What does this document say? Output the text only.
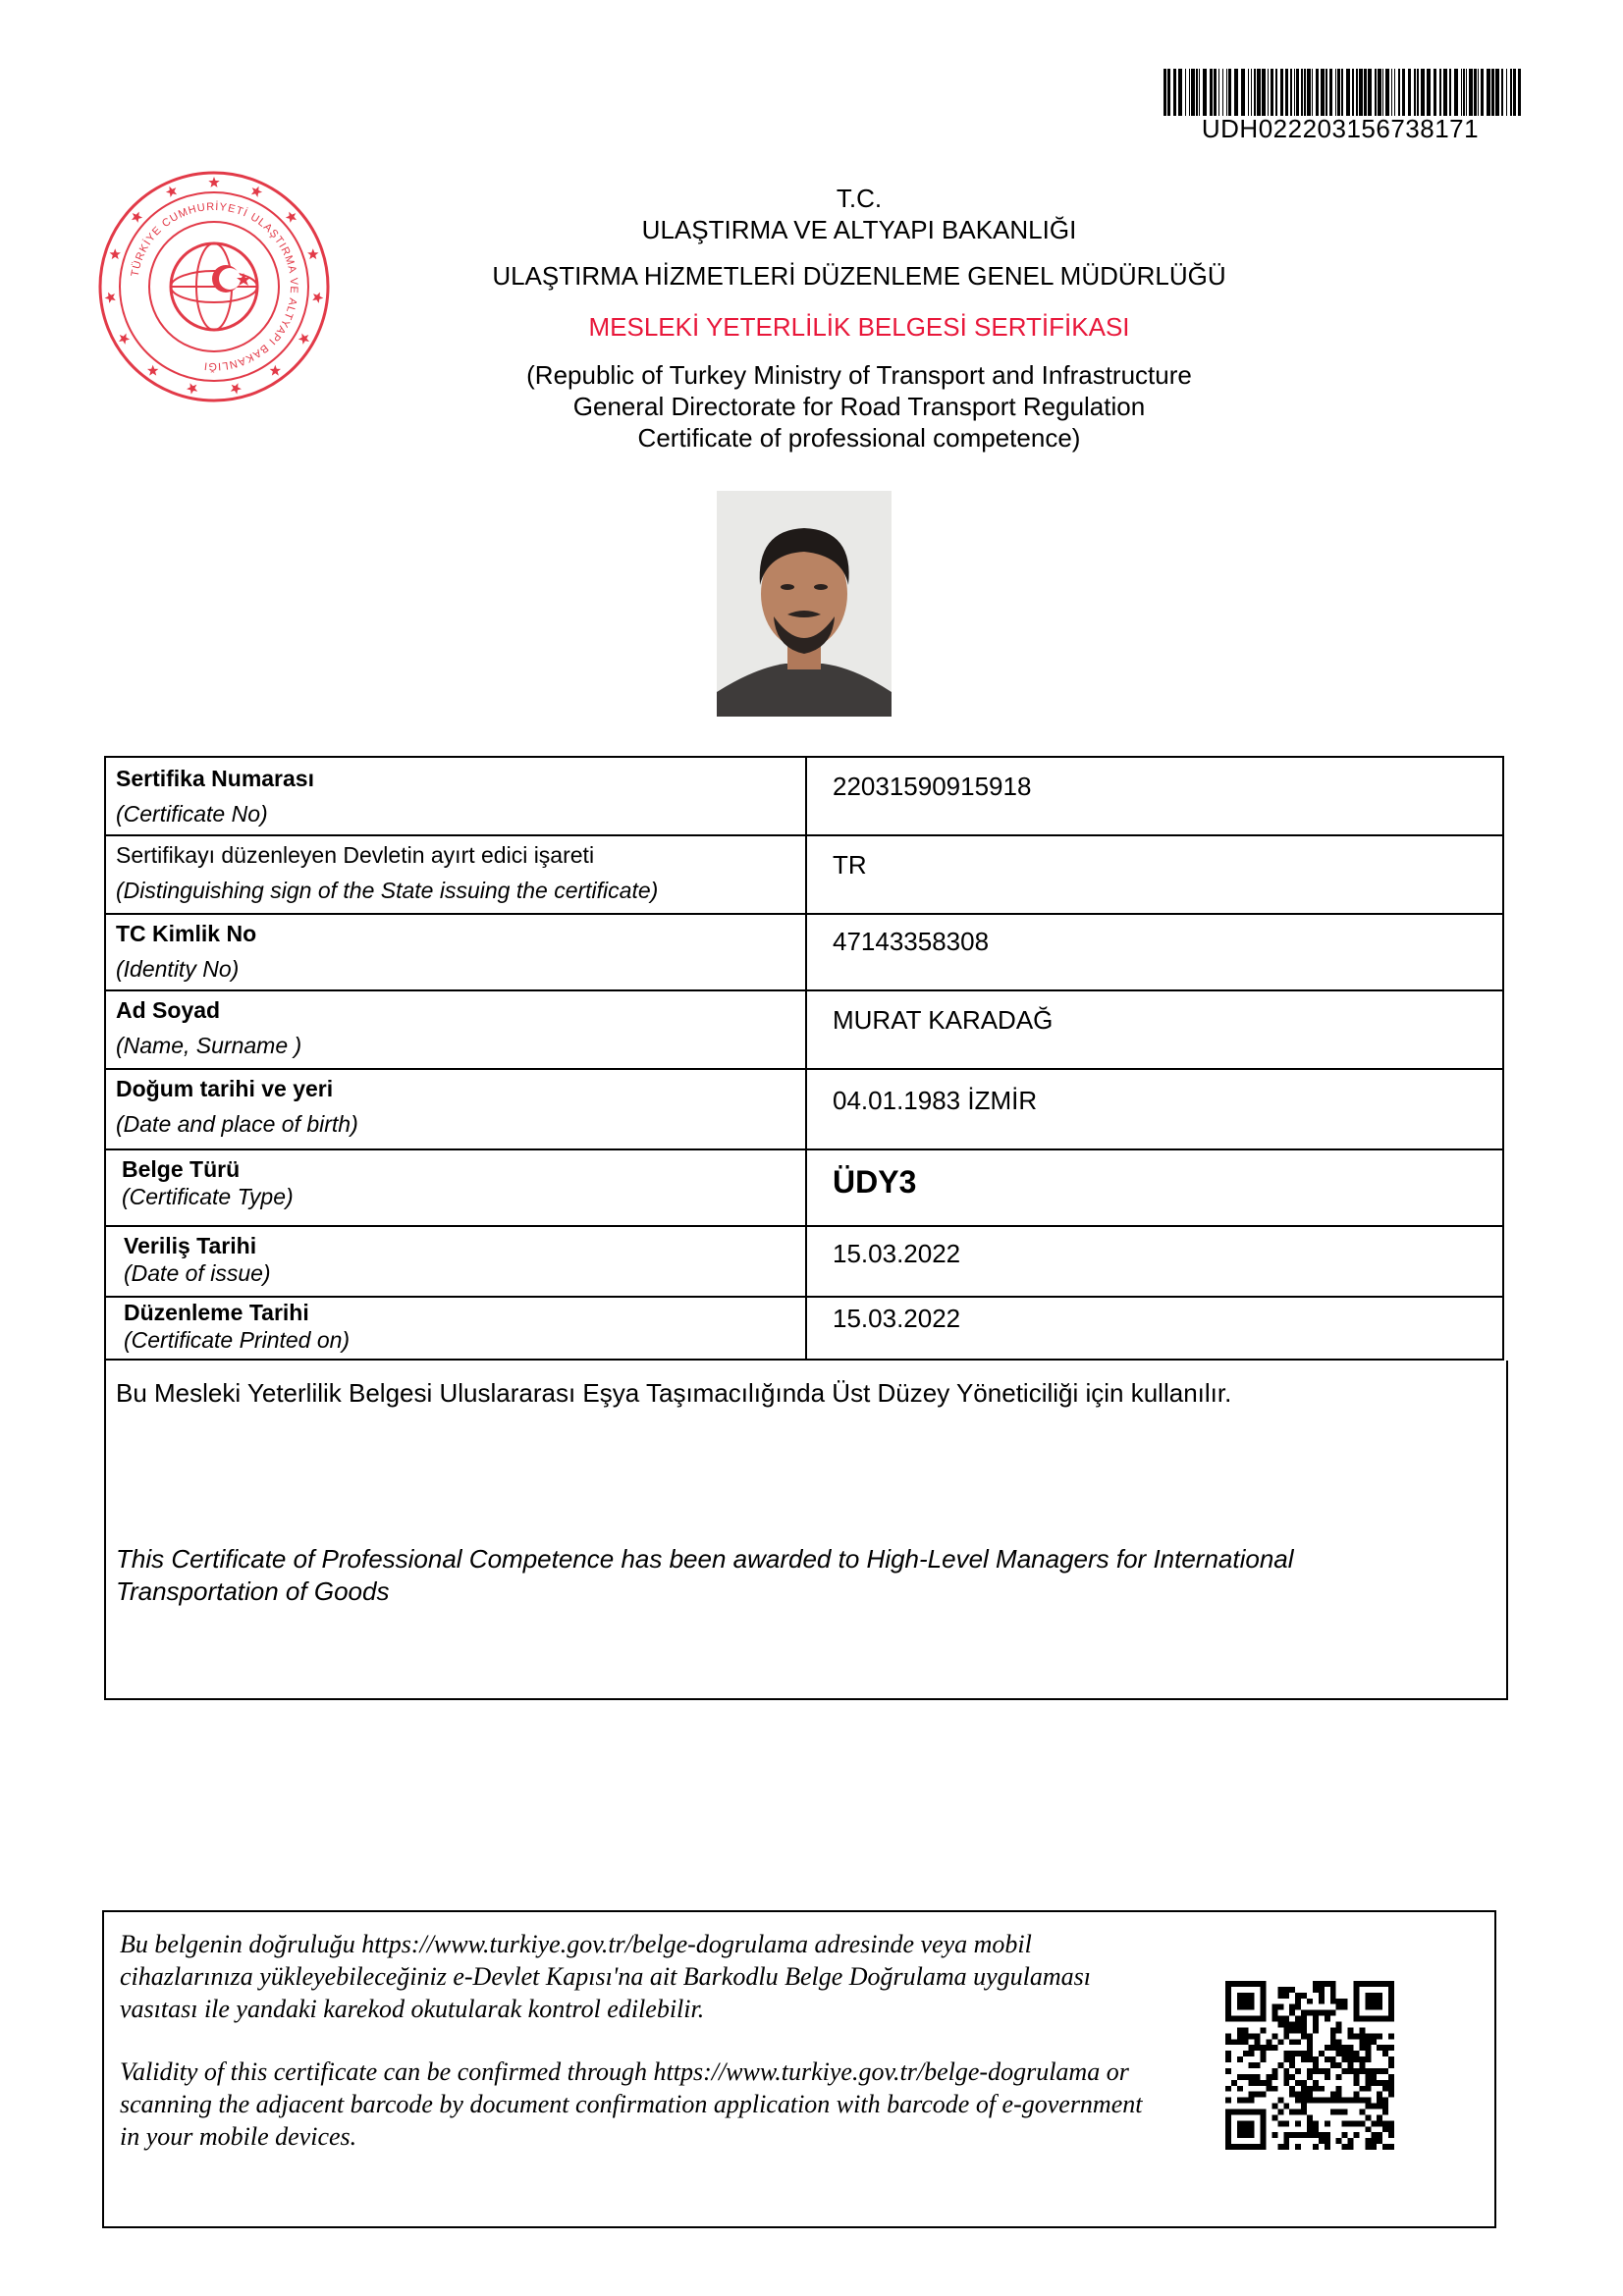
UDH022203156738171
TÜRKİYE CUMHURİYETİ ULAŞTIRMA VE ALTYAPI BAKANLIĞI
T.C.
ULAŞTIRMA VE ALTYAPI BAKANLIĞI
ULAŞTIRMA HİZMETLERİ DÜZENLEME GENEL MÜDÜRLÜĞÜ
MESLEKİ YETERLİLİK BELGESİ SERTİFİKASI
(Republic of Turkey Ministry of Transport and Infrastructure
General Directorate for Road Transport Regulation
Certificate of professional competence)
Sertifika Numarası
(Certificate No)
22031590915918
Sertifikayı düzenleyen Devletin ayırt edici işareti
(Distinguishing sign of the State issuing the certificate)
TR
TC Kimlik No
(Identity No)
47143358308
Ad Soyad
(Name, Surname )
MURAT KARADAĞ
Doğum tarihi ve yeri
(Date and place of birth)
04.01.1983 İZMİR
Belge Türü
(Certificate Type)	ÜDY3
Veriliş Tarihi
(Date of issue)
15.03.2022
Düzenleme Tarihi
(Certificate Printed on)
15.03.2022
Bu Mesleki Yeterlilik Belgesi Uluslararası Eşya Taşımacılığında Üst Düzey Yöneticiliği için kullanılır.
This Certificate of Professional Competence has been awarded to High-Level Managers for International Transportation of Goods
Bu belgenin doğruluğu https://www.turkiye.gov.tr/belge-dogrulama adresinde veya mobil cihazlarınıza yükleyebileceğiniz e-Devlet Kapısı'na ait Barkodlu Belge Doğrulama uygulaması vasıtası ile yandaki karekod okutularak kontrol edilebilir.
Validity of this certificate can be confirmed through https://www.turkiye.gov.tr/belge-dogrulama or scanning the adjacent barcode by document confirmation application with barcode of e-government in your mobile devices.
